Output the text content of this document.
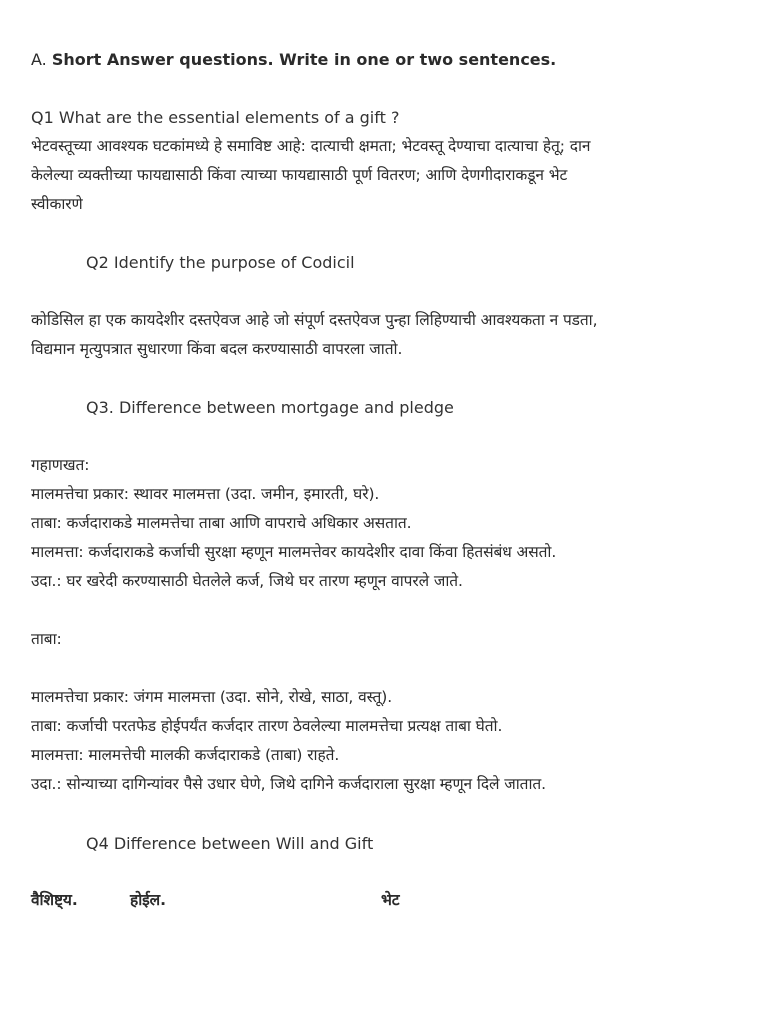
A. Short Answer questions. Write in one or two sentences.
Q1 What are the essential elements of a gift ?
भेटवस्तूच्या आवश्यक घटकांमध्ये हे समाविष्ट आहे: दात्याची क्षमता; भेटवस्तू देण्याचा दात्याचा हेतू; दान
केलेल्या व्यक्तीच्या फायद्यासाठी किंवा त्याच्या फायद्यासाठी पूर्ण वितरण; आणि देणगीदाराकडून भेट
स्वीकारणे
Q2 Identify the purpose of Codicil
कोडिसिल हा एक कायदेशीर दस्तऐवज आहे जो संपूर्ण दस्तऐवज पुन्हा लिहिण्याची आवश्यकता न पडता,
विद्यमान मृत्युपत्रात सुधारणा किंवा बदल करण्यासाठी वापरला जातो.
Q3. Difference between mortgage and pledge
गहाणखत:
मालमत्तेचा प्रकार: स्थावर मालमत्ता (उदा. जमीन, इमारती, घरे).
ताबा: कर्जदाराकडे मालमत्तेचा ताबा आणि वापराचे अधिकार असतात.
मालमत्ता: कर्जदाराकडे कर्जाची सुरक्षा म्हणून मालमत्तेवर कायदेशीर दावा किंवा हितसंबंध असतो.
उदा.: घर खरेदी करण्यासाठी घेतलेले कर्ज, जिथे घर तारण म्हणून वापरले जाते.
ताबा:
मालमत्तेचा प्रकार: जंगम मालमत्ता (उदा. सोने, रोखे, साठा, वस्तू).
ताबा: कर्जाची परतफेड होईपर्यंत कर्जदार तारण ठेवलेल्या मालमत्तेचा प्रत्यक्ष ताबा घेतो.
मालमत्ता: मालमत्तेची मालकी कर्जदाराकडे (ताबा) राहते.
उदा.: सोन्याच्या दागिन्यांवर पैसे उधार घेणे, जिथे दागिने कर्जदाराला सुरक्षा म्हणून दिले जातात.
Q4 Difference between Will and Gift
वैशिष्ट्य.	होईल.	भेट
